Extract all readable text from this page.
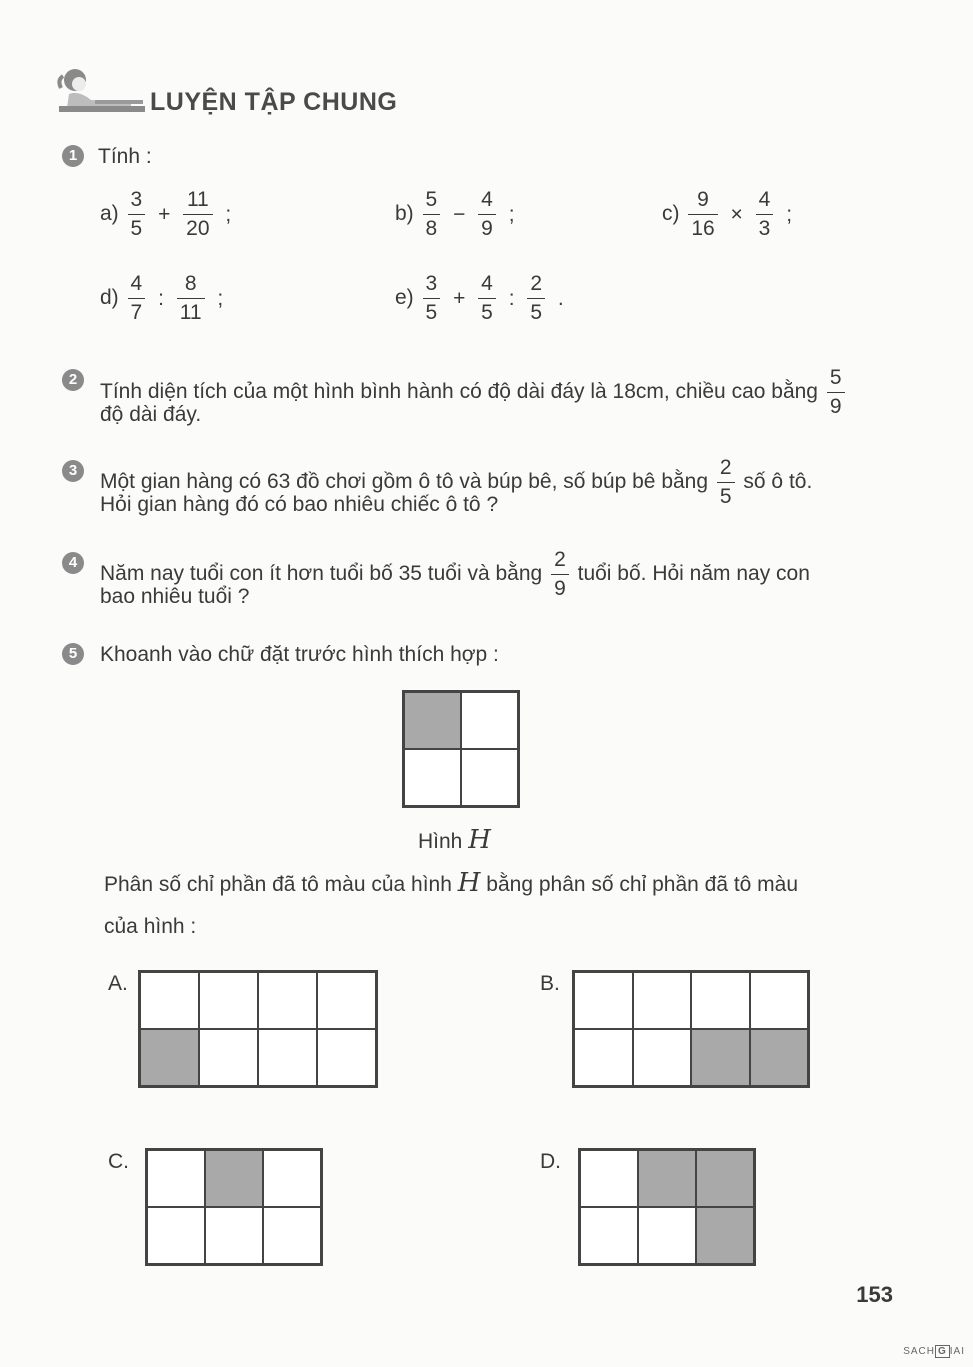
LUYỆN TẬP CHUNG
1 Tính :
$a) \frac{3}{5} + \frac{11}{20}$ ;	$b) \frac{5}{8} - \frac{4}{9}$ ;	$c) \frac{9}{16} \times \frac{4}{3}$ ;
$d) \frac{4}{7}$ : $\frac{8}{11}$ ;	$e) \frac{3}{5} + \frac{4}{5}$ : $\frac{2}{5}$ .
2
Tính diện tích của một hình bình hành có độ dài đáy là 18cm, chiều cao bằng $\frac{5}{9}$
độ dài đáy.
3	Một gian hàng có 63 đồ chơi gồm ô tô và búp bê, số búp bê bằng $\frac{2}{5}$ số ô tô.
Hỏi gian hàng đó có bao nhiêu chiếc ô tô ?
4	Năm nay tuổi con ít hơn tuổi bố 35 tuổi và bằng $\frac{2}{9}$ tuổi bố. Hỏi năm nay con
bao nhiêu tuổi ?
5	Khoanh vào chữ đặt trước hình thích hợp :
Hình H
Phân số chỉ phần đã tô màu của hình H bằng phân số chỉ phần đã tô màu
của hình :
A.	B.
C.	D.
153
SACH G IAI
